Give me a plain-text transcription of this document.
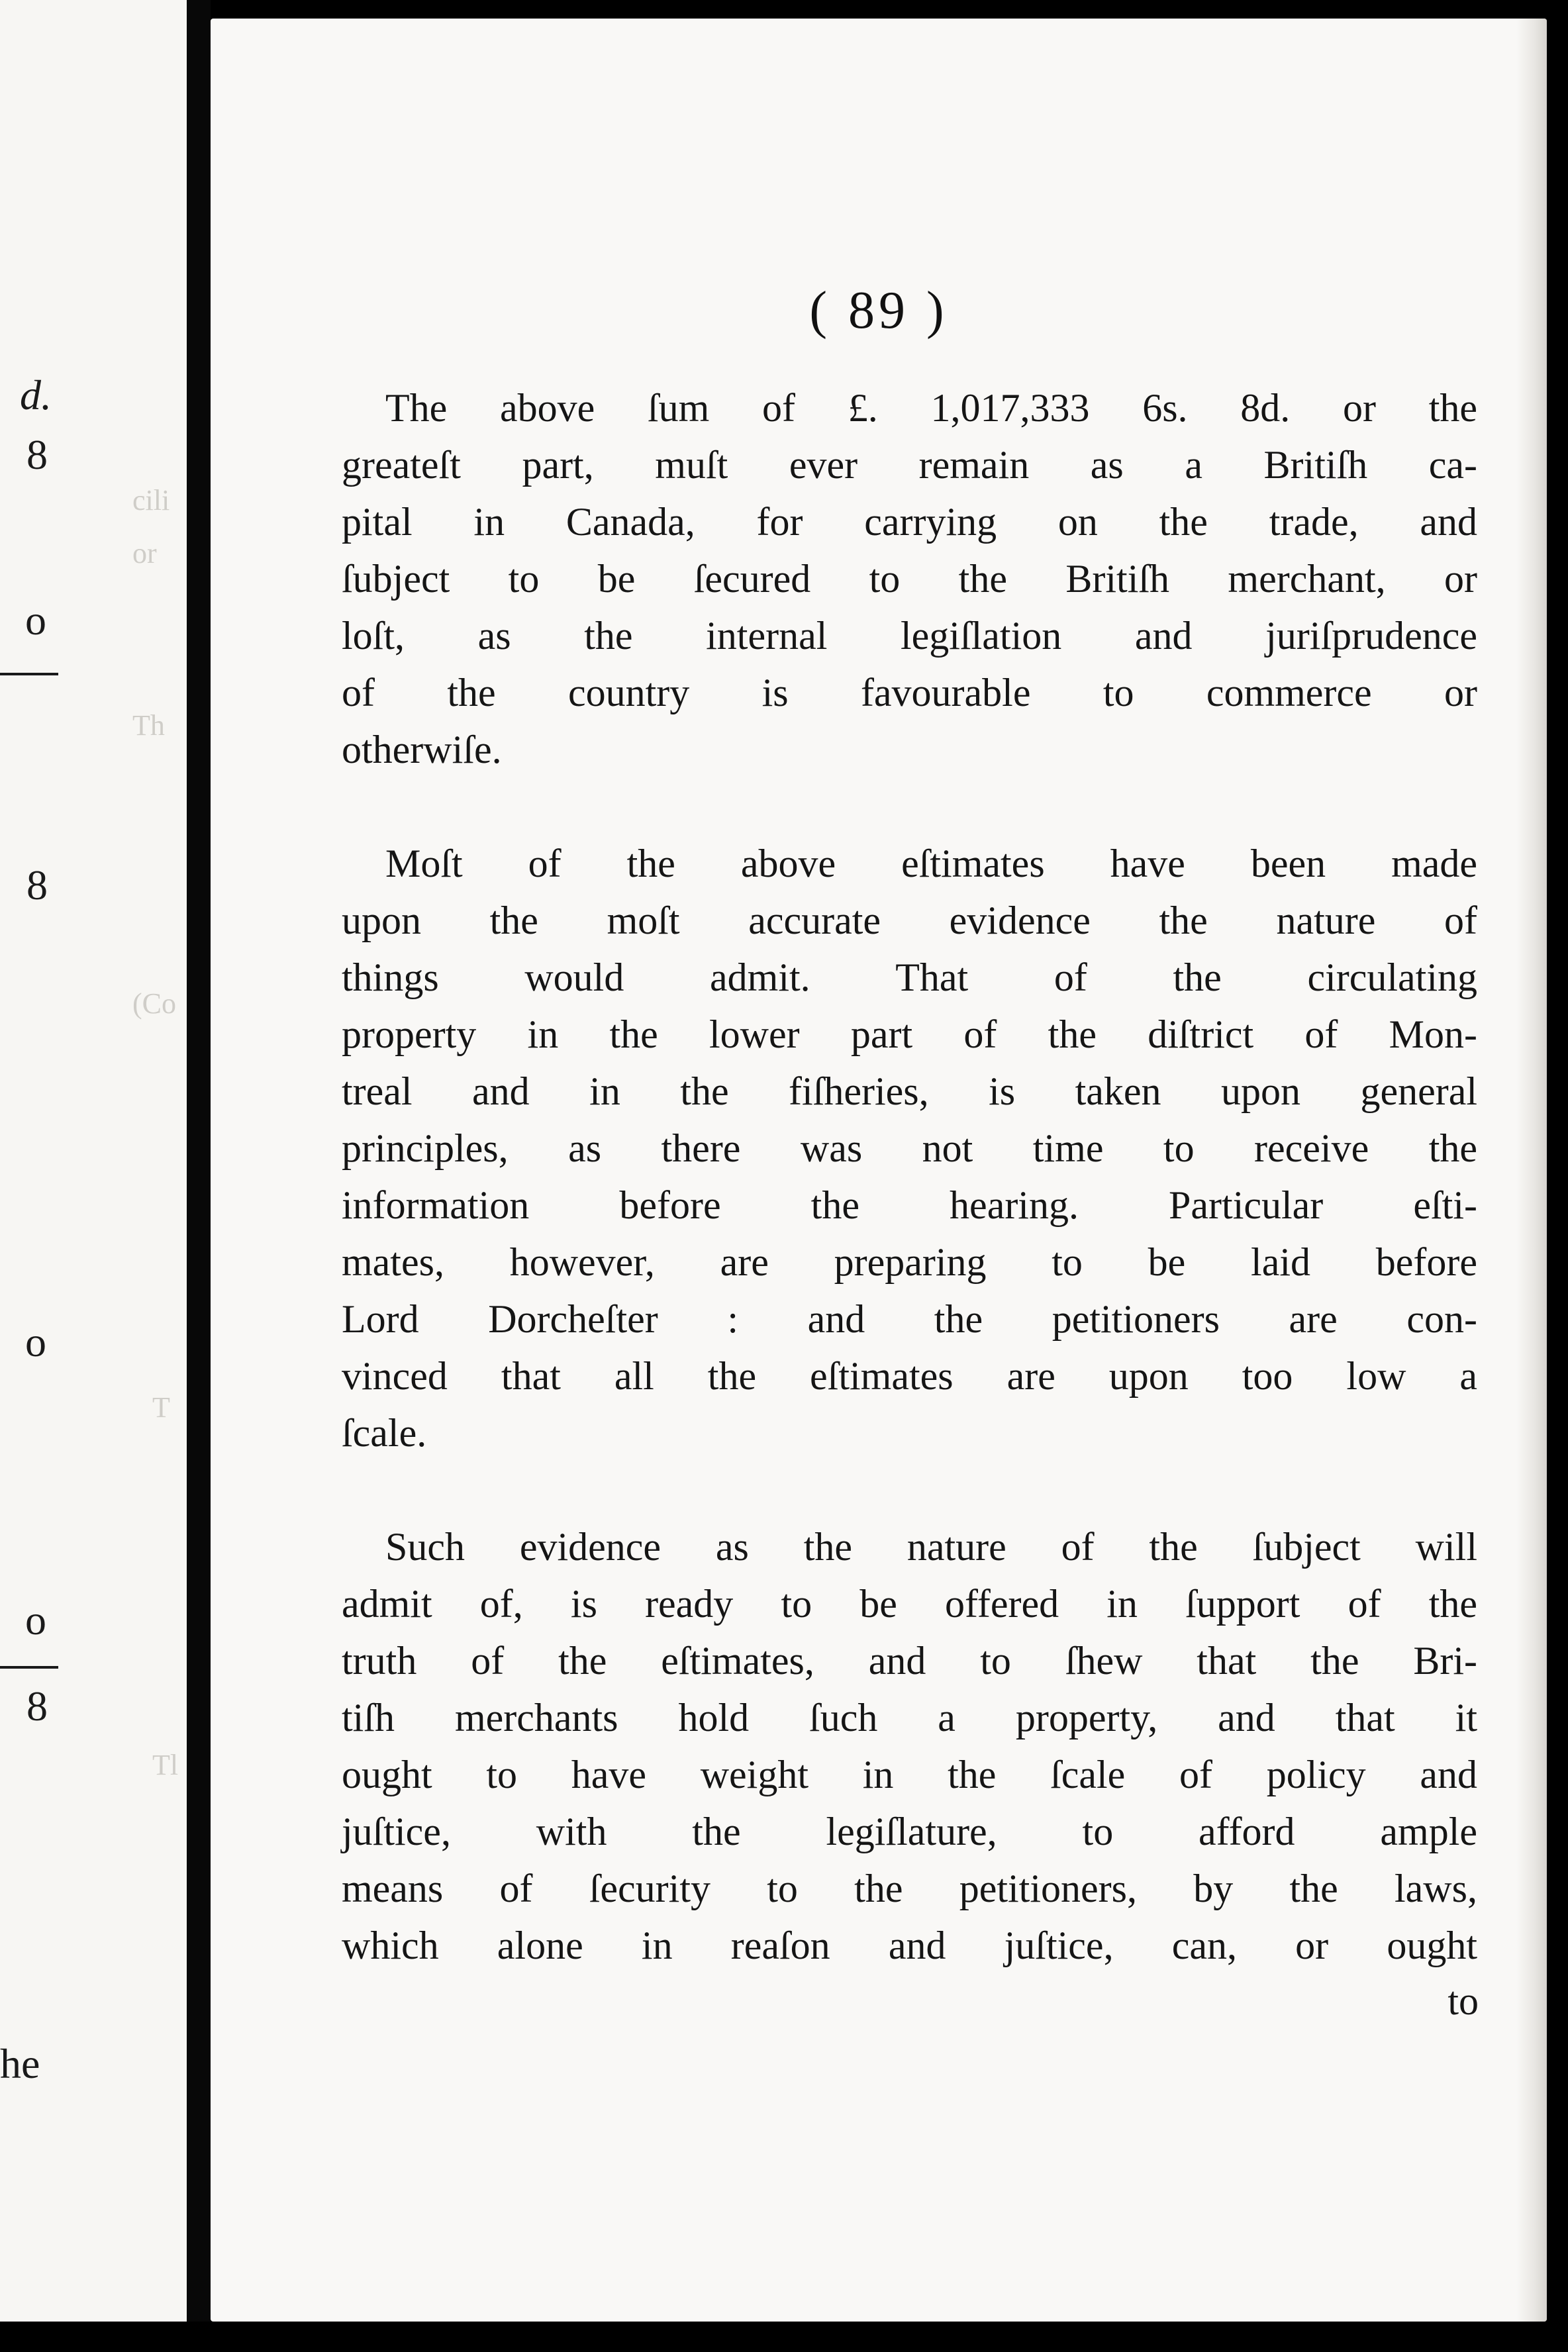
d.
8
o
8
o
o
8
he
cili
or
Th
(Co
T
Tl
( 89 )

The above ſum of £. 1,017,333 6s. 8d. or the
greateſt part, muſt ever remain as a Britiſh ca-
pital in Canada, for carrying on the trade, and
ſubject to be ſecured to the Britiſh merchant, or
loſt, as the internal legiſlation and juriſprudence
of the country is favourable to commerce or
otherwiſe.

Moſt of the above eſtimates have been made
upon the moſt accurate evidence the nature of
things would admit. That of the circulating
property in the lower part of the diſtrict of Mon-
treal and in the fiſheries, is taken upon general
principles, as there was not time to receive the
information before the hearing. Particular eſti-
mates, however, are preparing to be laid before
Lord Dorcheſter : and the petitioners are con-
vinced that all the eſtimates are upon too low a
ſcale.

Such evidence as the nature of the ſubject will
admit of, is ready to be offered in ſupport of the
truth of the eſtimates, and to ſhew that the Bri-
tiſh merchants hold ſuch a property, and that it
ought to have weight in the ſcale of policy and
juſtice, with the legiſlature, to afford ample
means of ſecurity to the petitioners, by the laws,
which alone in reaſon and juſtice, can, or ought

to
